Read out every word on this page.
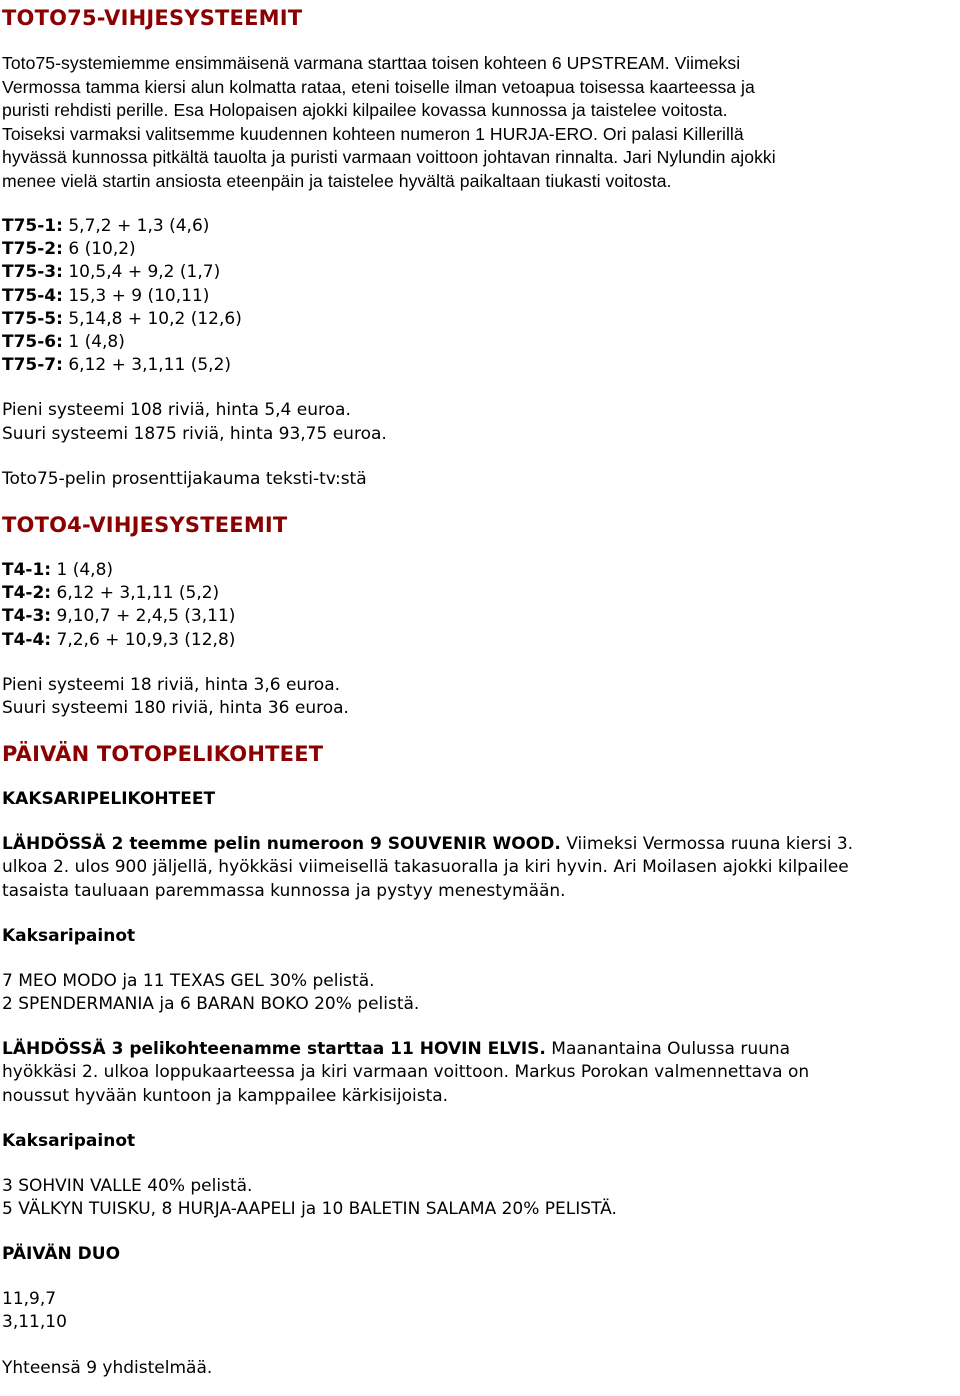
TOTO75-VIHJESYSTEEMIT

Toto75-systemiemme ensimmäisenä varmana starttaa toisen kohteen 6 UPSTREAM. Viimeksi

Vermossa tamma kiersi alun kolmatta rataa, eteni toiselle ilman vetoapua toisessa kaarteessa ja

puristi rehdisti perille. Esa Holopaisen ajokki kilpailee kovassa kunnossa ja taistelee voitosta.

Toiseksi varmaksi valitsemme kuudennen kohteen numeron 1 HURJA-ERO. Ori palasi Killerillä

hyvässä kunnossa pitkältä tauolta ja puristi varmaan voittoon johtavan rinnalta. Jari Nylundin ajokki

menee vielä startin ansiosta eteenpäin ja taistelee hyvältä paikaltaan tiukasti voitosta.

T75-1: 5,7,2 + 1,3 (4,6)
T75-2: 6 (10,2)
T75-3: 10,5,4 + 9,2 (1,7)
T75-4: 15,3 + 9 (10,11)
T75-5: 5,14,8 + 10,2 (12,6)
T75-6: 1 (4,8)
T75-7: 6,12 + 3,1,11 (5,2)
Pieni systeemi 108 riviä, hinta 5,4 euroa.
Suuri systeemi 1875 riviä, hinta 93,75 euroa.
Toto75-pelin prosenttijakauma teksti-tv:stä
TOTO4-VIHJESYSTEEMIT
T4-1: 1 (4,8)
T4-2: 6,12 + 3,1,11 (5,2)
T4-3: 9,10,7 + 2,4,5 (3,11)
T4-4: 7,2,6 + 10,9,3 (12,8)
Pieni systeemi 18 riviä, hinta 3,6 euroa.
Suuri systeemi 180 riviä, hinta 36 euroa.
PÄIVÄN TOTOPELIKOHTEET
KAKSARIPELIKOHTEET
LÄHDÖSSÄ 2 teemme pelin numeroon 9 SOUVENIR WOOD. Viimeksi Vermossa ruuna kiersi 3.
ulkoa 2. ulos 900 jäljellä, hyökkäsi viimeisellä takasuoralla ja kiri hyvin. Ari Moilasen ajokki kilpailee
tasaista tauluaan paremmassa kunnossa ja pystyy menestymään.
Kaksaripainot
7 MEO MODO ja 11 TEXAS GEL 30% pelistä.
2 SPENDERMANIA ja 6 BARAN BOKO 20% pelistä.
LÄHDÖSSÄ 3 pelikohteenamme starttaa 11 HOVIN ELVIS. Maanantaina Oulussa ruuna
hyökkäsi 2. ulkoa loppukaarteessa ja kiri varmaan voittoon. Markus Porokan valmennettava on
noussut hyvään kuntoon ja kamppailee kärkisijoista.
Kaksaripainot
3 SOHVIN VALLE 40% pelistä.
5 VÄLKYN TUISKU, 8 HURJA-AAPELI ja 10 BALETIN SALAMA 20% PELISTÄ.
PÄIVÄN DUO
11,9,7
3,11,10
Yhteensä 9 yhdistelmää.
